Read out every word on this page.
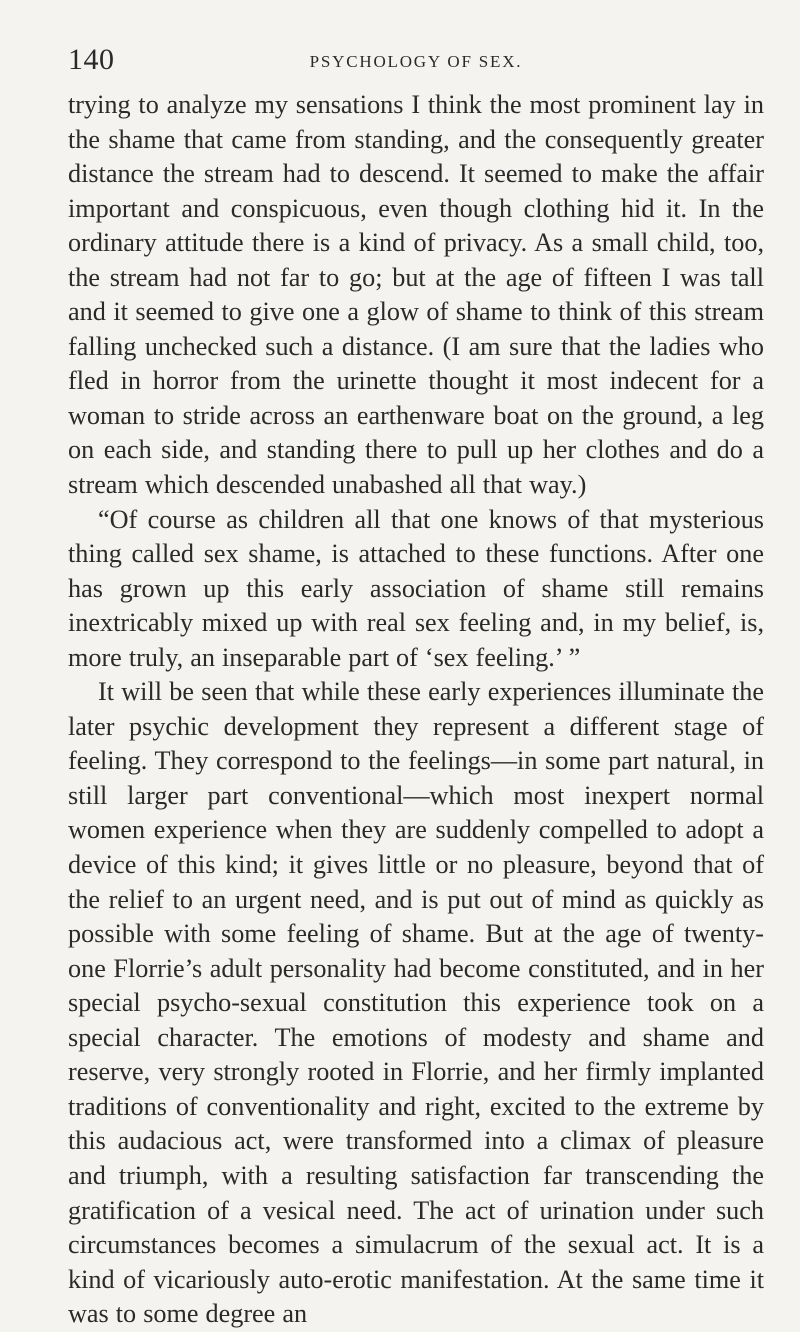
140	PSYCHOLOGY OF SEX.

trying to analyze my sensations I think the most prominent lay in the shame that came from standing, and the consequently greater distance the stream had to descend. It seemed to make the affair important and conspicuous, even though clothing hid it. In the ordinary attitude there is a kind of privacy. As a small child, too, the stream had not far to go; but at the age of fifteen I was tall and it seemed to give one a glow of shame to think of this stream falling unchecked such a distance. (I am sure that the ladies who fled in horror from the urinette thought it most indecent for a woman to stride across an earthenware boat on the ground, a leg on each side, and standing there to pull up her clothes and do a stream which descended unabashed all that way.)

“Of course as children all that one knows of that mysterious thing called sex shame, is attached to these functions. After one has grown up this early association of shame still remains inextricably mixed up with real sex feeling and, in my belief, is, more truly, an inseparable part of ‘sex feeling.’ ”

It will be seen that while these early experiences illuminate the later psychic development they represent a different stage of feeling. They correspond to the feelings—in some part natural, in still larger part conventional—which most inexpert normal women experience when they are suddenly compelled to adopt a device of this kind; it gives little or no pleasure, beyond that of the relief to an urgent need, and is put out of mind as quickly as possible with some feeling of shame. But at the age of twenty-one Florrie’s adult personality had become constituted, and in her special psycho-sexual constitution this experience took on a special character. The emotions of modesty and shame and reserve, very strongly rooted in Florrie, and her firmly implanted traditions of conventionality and right, excited to the extreme by this audacious act, were transformed into a climax of pleasure and triumph, with a resulting satisfaction far transcending the gratification of a vesical need. The act of urination under such circumstances becomes a simulacrum of the sexual act. It is a kind of vicariously auto-erotic manifestation. At the same time it was to some degree an
